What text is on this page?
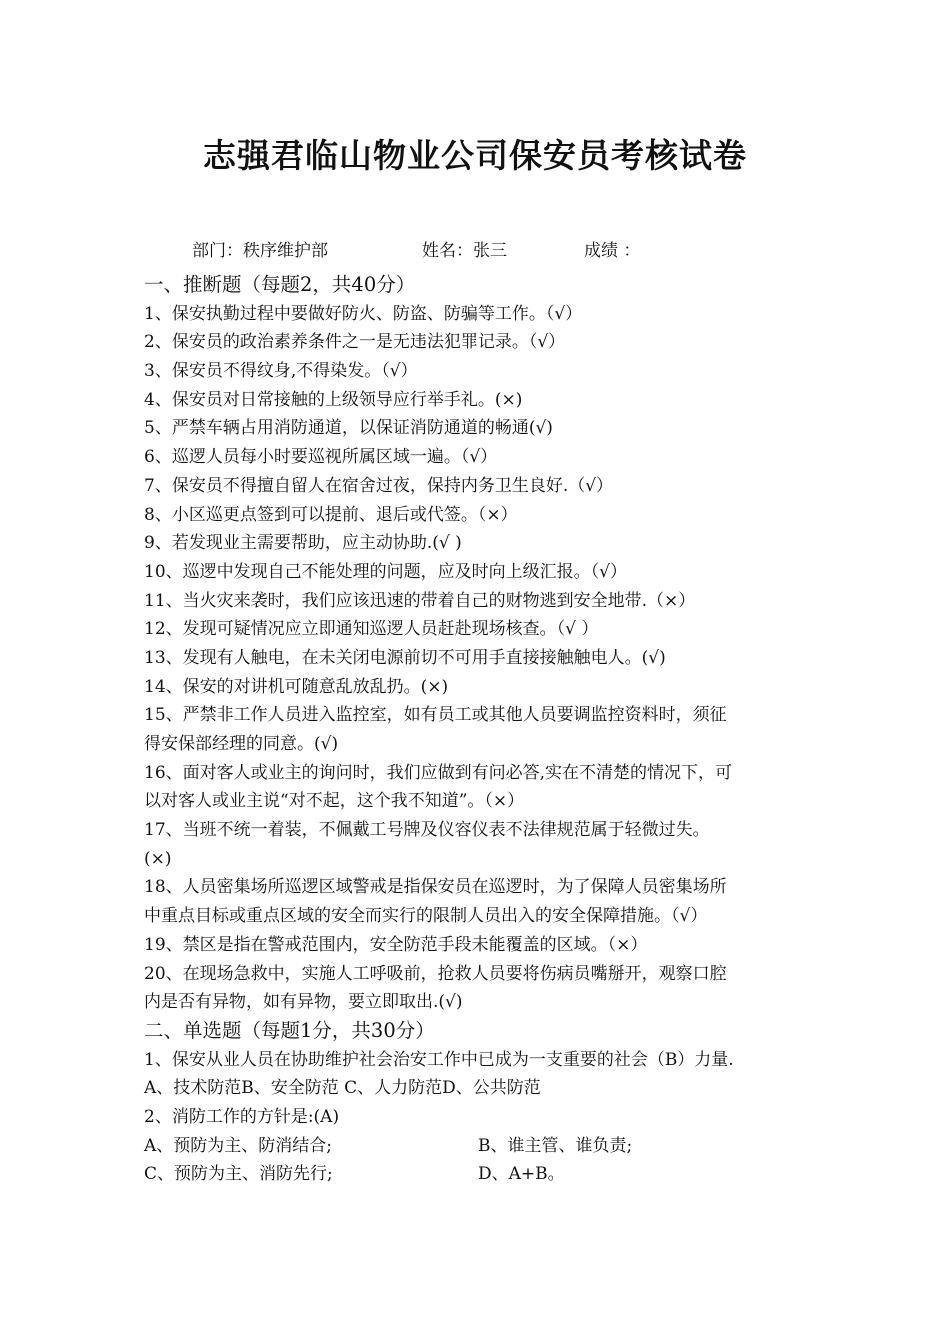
志强君临山物业公司保安员考核试卷
部门：秩序维护部	姓名：张三	成绩 ：
一、推断题（每题2，共40分）
1、保安执勤过程中要做好防火、防盗、防骗等工作。（√）
2、保安员的政治素养条件之一是无违法犯罪记录。（√）
3、保安员不得纹身,不得染发。（√）
4、保安员对日常接触的上级领导应行举手礼。(×)
5、严禁车辆占用消防通道，以保证消防通道的畅通(√)
6、巡逻人员每小时要巡视所属区域一遍。（√）
7、保安员不得擅自留人在宿舍过夜，保持内务卫生良好.（√）
8、小区巡更点签到可以提前、退后或代签。（×）
9、若发现业主需要帮助，应主动协助.(√ )
10、巡逻中发现自己不能处理的问题，应及时向上级汇报。（√）
11、当火灾来袭时，我们应该迅速的带着自己的财物逃到安全地带.（×）
12、发现可疑情况应立即通知巡逻人员赶赴现场核查。（√ ）
13、发现有人触电，在未关闭电源前切不可用手直接接触触电人。(√)
14、保安的对讲机可随意乱放乱扔。(×)
15、严禁非工作人员进入监控室，如有员工或其他人员要调监控资料时，须征
得安保部经理的同意。(√)
16、面对客人或业主的询问时，我们应做到有问必答,实在不清楚的情况下，可
以对客人或业主说“对不起，这个我不知道”。（×）
17、当班不统一着装，不佩戴工号牌及仪容仪表不法律规范属于轻微过失。
(×)
18、人员密集场所巡逻区域警戒是指保安员在巡逻时，为了保障人员密集场所
中重点目标或重点区域的安全而实行的限制人员出入的安全保障措施。（√）
19、禁区是指在警戒范围内，安全防范手段未能覆盖的区域。（×）
20、在现场急救中，实施人工呼吸前，抢救人员要将伤病员嘴掰开，观察口腔
内是否有异物，如有异物，要立即取出.(√)
二、单选题（每题1分，共30分）
1、保安从业人员在协助维护社会治安工作中已成为一支重要的社会（B）力量.
A、技术防范B、安全防范 C、人力防范D、公共防范
2、消防工作的方针是:(A)
A、预防为主、防消结合;	B、谁主管、谁负责;
C、预防为主、消防先行;	D、A+B。
